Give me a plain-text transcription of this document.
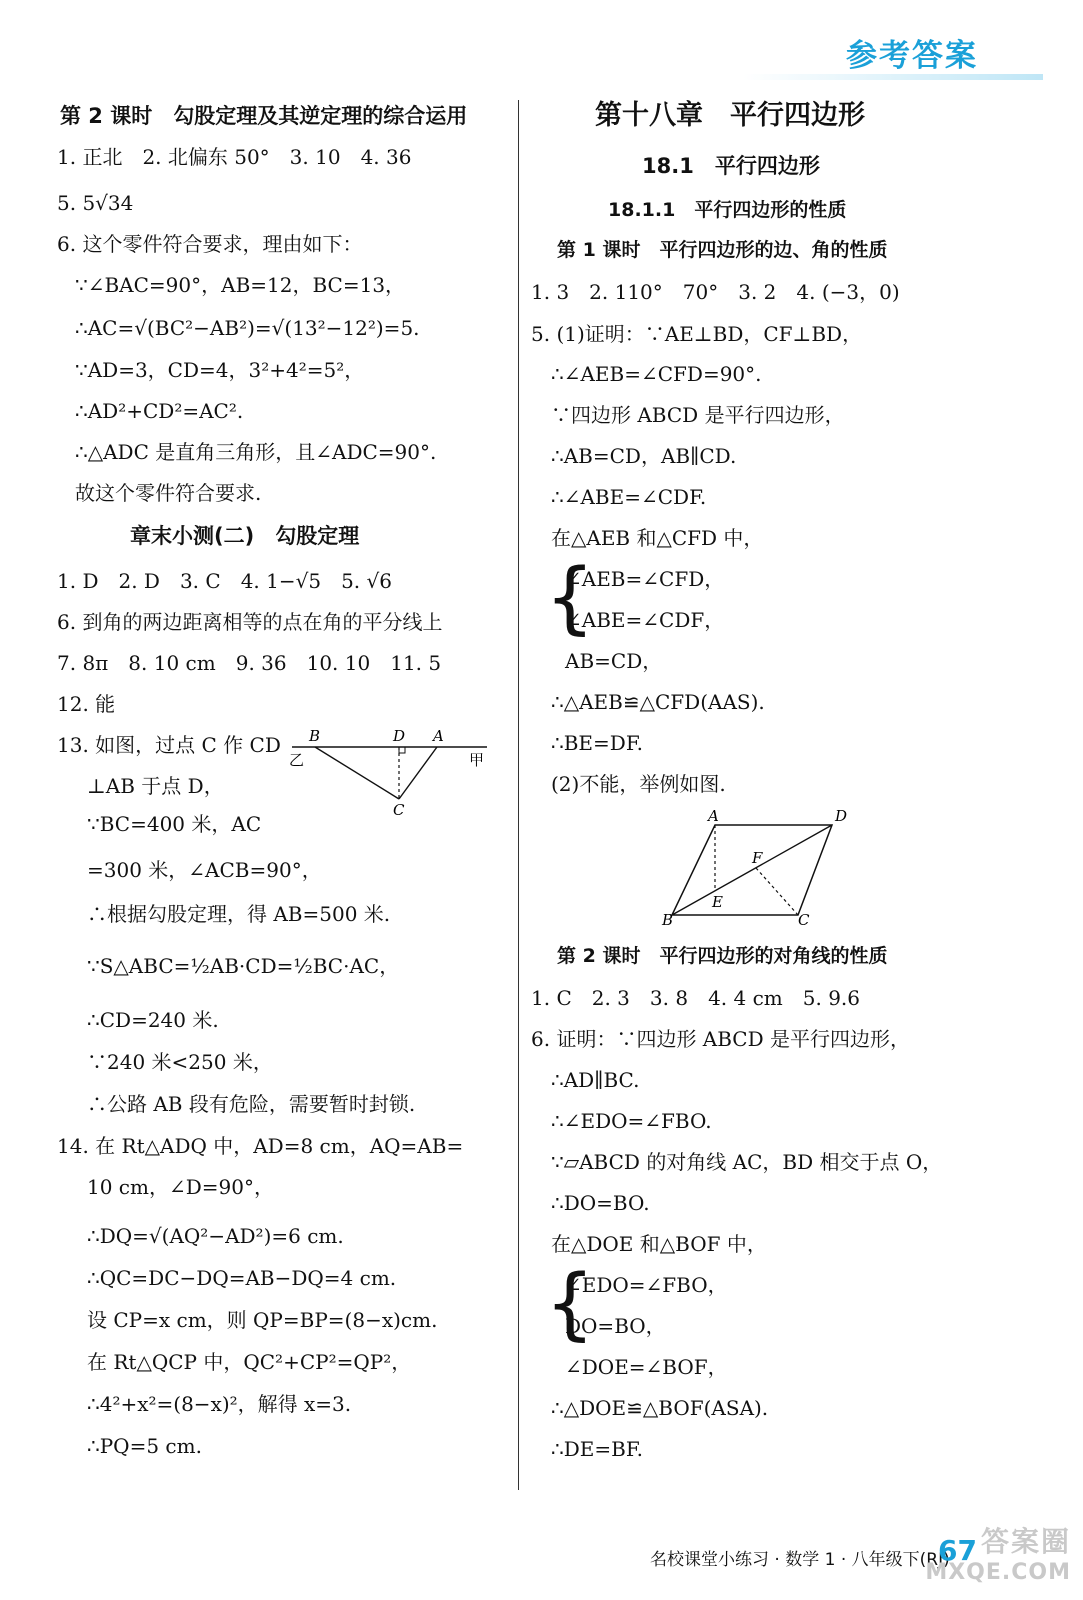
参考答案
第 2 课时　勾股定理及其逆定理的综合运用
1. 正北　2. 北偏东 50°　3. 10　4. 36
5. 5√34
6. 这个零件符合要求，理由如下：
∵∠BAC=90°，AB=12，BC=13，
∴AC=√(BC²−AB²)=√(13²−12²)=5.
∵AD=3，CD=4，3²+4²=5²，
∴AD²+CD²=AC².
∴△ADC 是直角三角形，且∠ADC=90°.
故这个零件符合要求.
章末小测(二)　勾股定理
1. D　2. D　3. C　4. 1−√5　5. √6
6. 到角的两边距离相等的点在角的平分线上
7. 8π　8. 10 cm　9. 36　10. 10　11. 5
12. 能
13. 如图，过点 C 作 CD
⊥AB 于点 D，
∵BC=400 米，AC
=300 米，∠ACB=90°，
∴根据勾股定理，得 AB=500 米.
∵S△ABC=½AB·CD=½BC·AC，
∴CD=240 米.
∵240 米<250 米，
∴公路 AB 段有危险，需要暂时封锁.
14. 在 Rt△ADQ 中，AD=8 cm，AQ=AB=
10 cm，∠D=90°，
∴DQ=√(AQ²−AD²)=6 cm.
∴QC=DC−DQ=AB−DQ=4 cm.
设 CP=x cm，则 QP=BP=(8−x)cm.
在 Rt△QCP 中，QC²+CP²=QP²，
∴4²+x²=(8−x)²，解得 x=3.
∴PQ=5 cm.
B	D A
C
乙	甲
第十八章　平行四边形
18.1　平行四边形
18.1.1　平行四边形的性质
第 1 课时　平行四边形的边、角的性质
1. 3　2. 110°　70°　3. 2　4. (−3，0)
5. (1)证明：∵AE⊥BD，CF⊥BD，
∴∠AEB=∠CFD=90°.
∵四边形 ABCD 是平行四边形，
∴AB=CD，AB∥CD.
∴∠ABE=∠CDF.
在△AEB 和△CFD 中，
{
∠AEB=∠CFD，
∠ABE=∠CDF，
AB=CD，
∴△AEB≌△CFD(AAS).
∴BE=DF.
(2)不能，举例如图.
A	D
F
E
B	C
第 2 课时　平行四边形的对角线的性质
1. C　2. 3　3. 8　4. 4 cm　5. 9.6
6. 证明：∵四边形 ABCD 是平行四边形，
∴AD∥BC.
∴∠EDO=∠FBO.
∵▱ABCD 的对角线 AC，BD 相交于点 O，
∴DO=BO.
在△DOE 和△BOF 中，
{
∠EDO=∠FBO，
DO=BO，
∠DOE=∠BOF，
∴△DOE≌△BOF(ASA).
∴DE=BF.
名校课堂小练习 · 数学 1 · 八年级下(RJ)
67 答案圈
MXQE.COM
